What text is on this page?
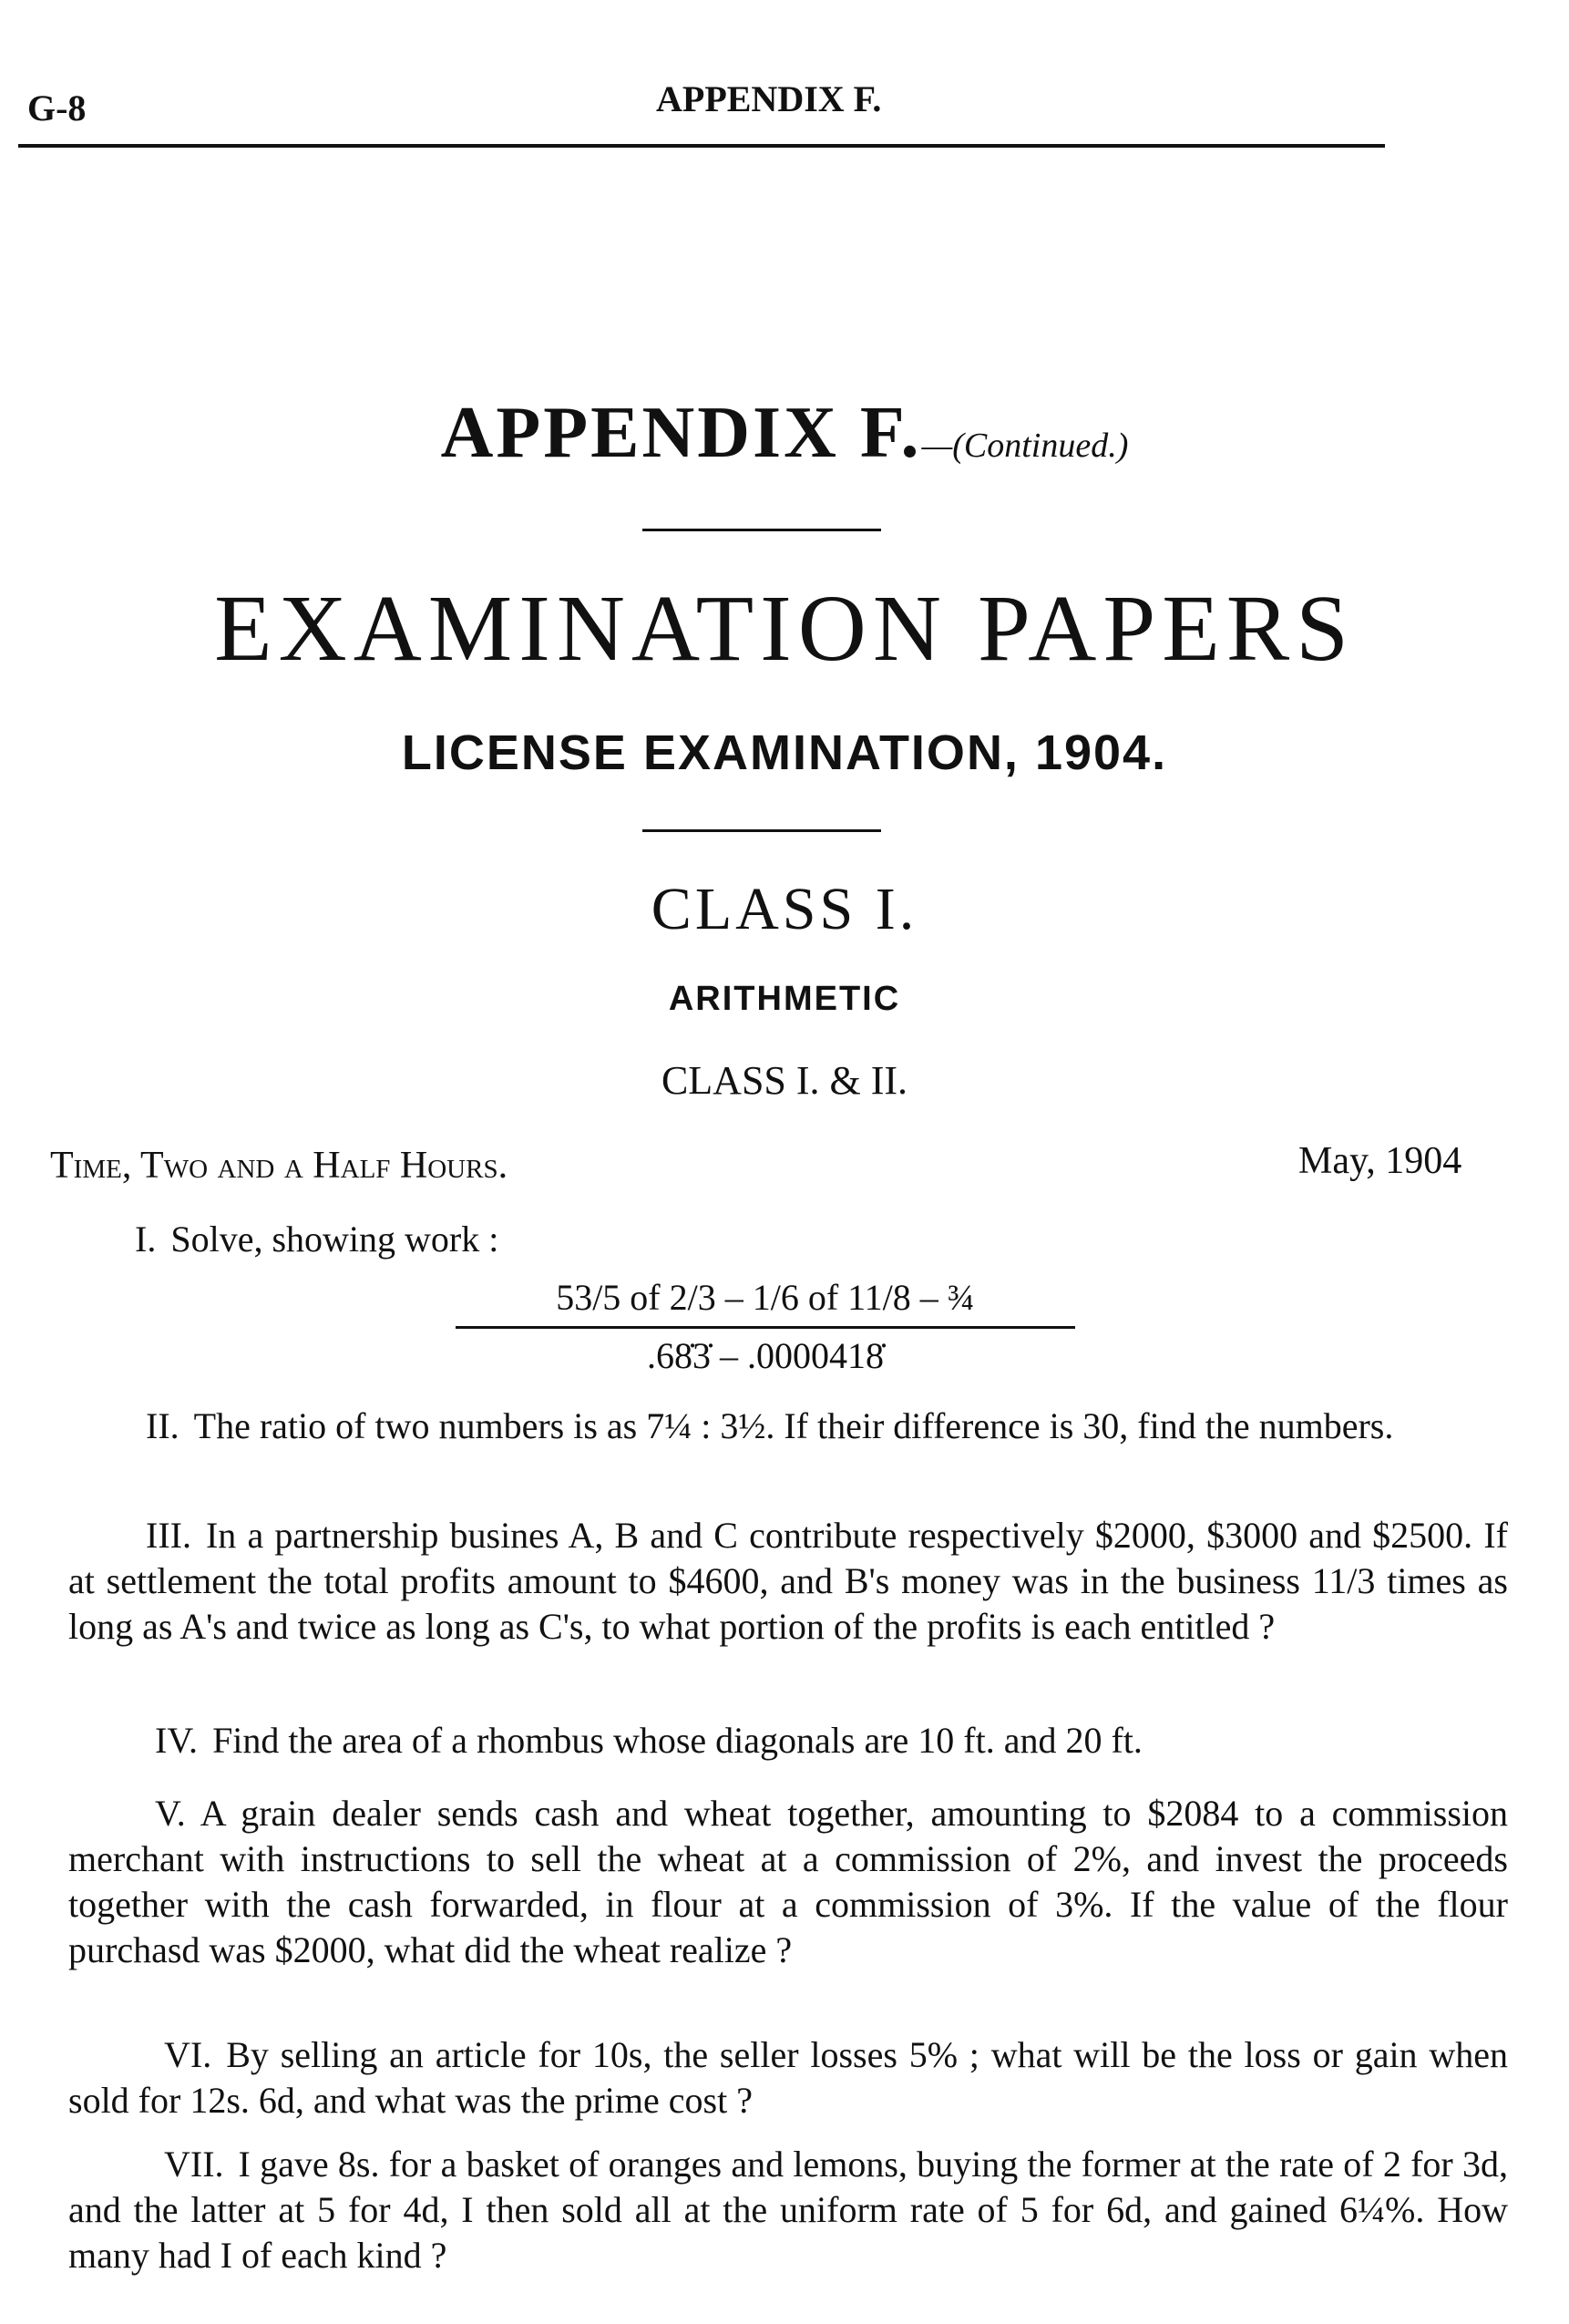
G-8	APPENDIX F.
APPENDIX F.—(Continued.)
EXAMINATION PAPERS
LICENSE EXAMINATION, 1904.
CLASS I.
ARITHMETIC
CLASS I. & II.
Time, Two and a Half Hours.	May, 1904
I. Solve, showing work :
53/5 of 2/3 – 1/6 of 11/8 – ¾
.68̇3̇ – .0000418̇
II. The ratio of two numbers is as 7¼ : 3½. If their difference is 30, find the numbers.
III. In a partnership busines A, B and C contribute respectively $2000, $3000 and $2500. If at settlement the total profits amount to $4600, and B's money was in the business 11/3 times as long as A's and twice as long as C's, to what portion of the profits is each entitled ?
IV. Find the area of a rhombus whose diagonals are 10 ft. and 20 ft.
V. A grain dealer sends cash and wheat together, amounting to $2084 to a commission merchant with instructions to sell the wheat at a commission of 2%, and invest the proceeds together with the cash forwarded, in flour at a commission of 3%. If the value of the flour purchasd was $2000, what did the wheat realize ?
VI. By selling an article for 10s, the seller losses 5% ; what will be the loss or gain when sold for 12s. 6d, and what was the prime cost ?
VII. I gave 8s. for a basket of oranges and lemons, buying the former at the rate of 2 for 3d, and the latter at 5 for 4d, I then sold all at the uniform rate of 5 for 6d, and gained 6¼%. How many had I of each kind ?
